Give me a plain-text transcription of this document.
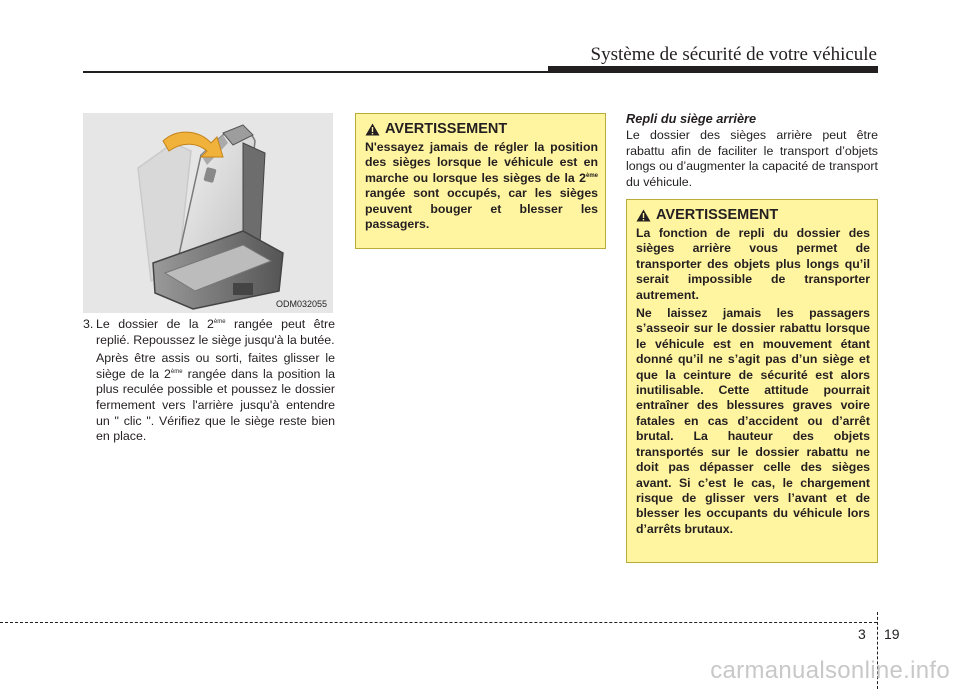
Système de sécurité de votre véhicule
ODM032055
3. Le dossier de la 2ème rangée peut être replié. Repoussez le siège jusqu'à la butée.

Après être assis ou sorti, faites glisser le siège de la 2ème rangée dans la position la plus reculée possible et poussez le dossier fermement vers l'arrière jusqu'à entendre un " clic ". Vérifiez que le siège reste bien en place.

AVERTISSEMENT
N'essayez jamais de régler la position des sièges lorsque le véhicule est en marche ou lorsque les sièges de la 2ème rangée sont occupés, car les sièges peuvent bouger et blesser les passagers.
Repli du siège arrière
Le dossier des sièges arrière peut être rabattu afin de faciliter le transport d’objets longs ou d’augmenter la capacité de transport du véhicule.
AVERTISSEMENT

La fonction de repli du dossier des sièges arrière vous permet de transporter des objets plus longs qu’il serait impossible de transporter autrement.

Ne laissez jamais les passagers s’asseoir sur le dossier rabattu lorsque le véhicule est en mouvement étant donné qu’il ne s’agit pas d’un siège et que la ceinture de sécurité est alors inutilisable. Cette attitude pourrait entraîner des blessures graves voire fatales en cas d’accident ou d’arrêt brutal. La hauteur des objets transportés sur le dossier rabattu ne doit pas dépasser celle des sièges avant. Si c’est le cas, le chargement risque de glisser vers l’avant et de blesser les occupants du véhicule lors d’arrêts brutaux.

3 19
carmanualsonline.info
